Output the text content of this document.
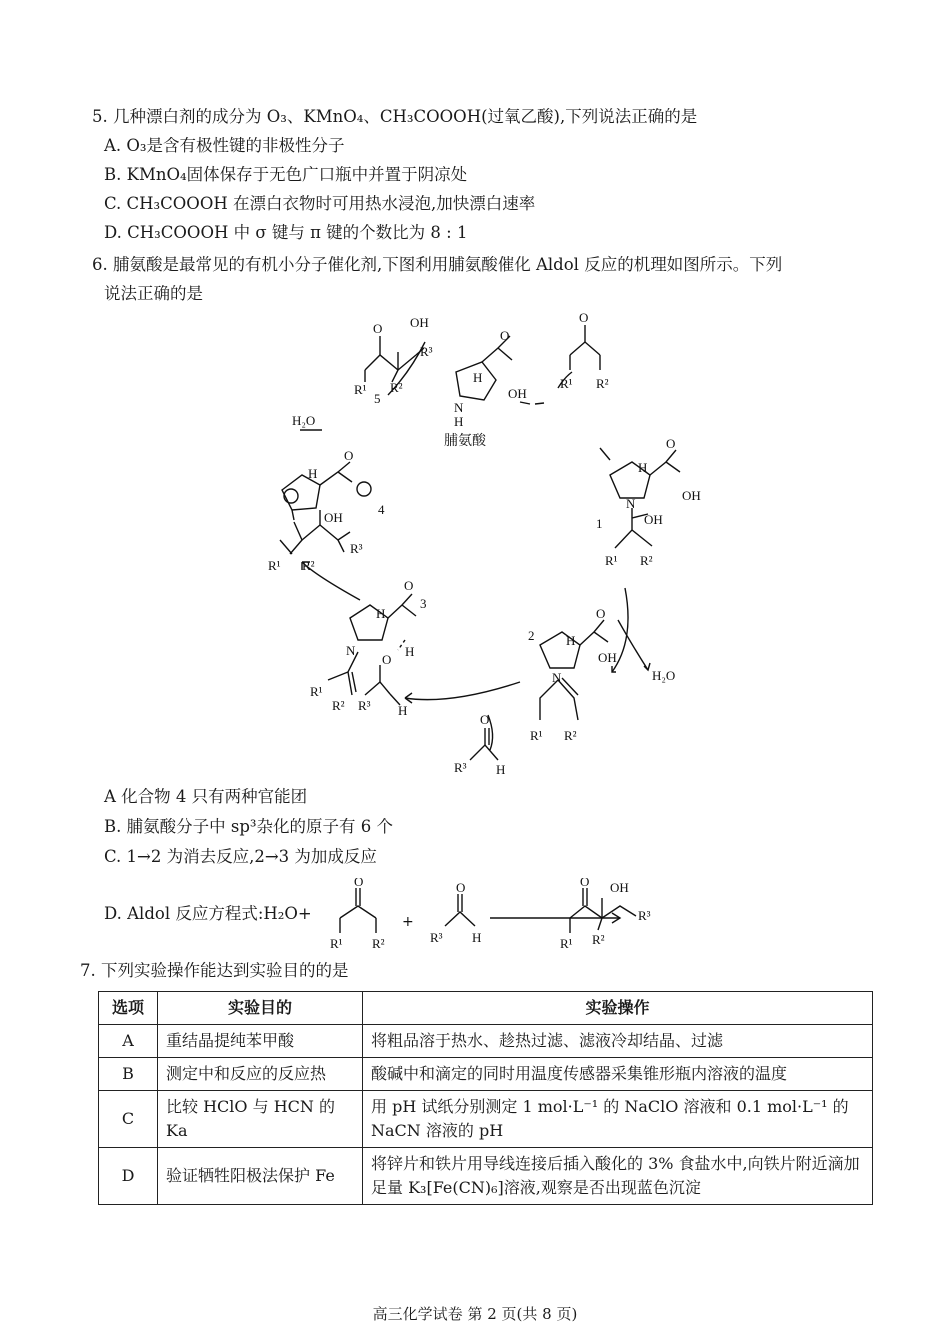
5. 几种漂白剂的成分为 O₃、KMnO₄、CH₃COOOH(过氧乙酸),下列说法正确的是
A. O₃是含有极性键的非极性分子
B. KMnO₄固体保存于无色广口瓶中并置于阴凉处
C. CH₃COOOH 在漂白衣物时可用热水浸泡,加快漂白速率
D. CH₃COOOH 中 σ 键与 π 键的个数比为 8 : 1
6. 脯氨酸是最常见的有机小分子催化剂,下图利用脯氨酸催化 Aldol 反应的机理如图所示。下列
说法正确的是
O OH
R³
R¹
5
R²
O
OH
N
H
H
脯氨酸
O
R¹ R²
H₂O
O
H
OH
4
R¹ R²
R³
H
O
OH
N
OH
1
R¹ R²
H₂O
2 H
O
OH
N
R¹ R²
O
3
H
N
O
H
R¹
R² R³ H
O
R³ H
A 化合物 4 只有两种官能团
B. 脯氨酸分子中 sp³杂化的原子有 6 个
C. 1→2 为消去反应,2→3 为加成反应
D. Aldol 反应方程式:H₂O+
O
R¹ R²
+
O
R³ H
O OH
R³
R¹ R²
7. 下列实验操作能达到实验目的的是
选项	实验目的	实验操作
A	重结晶提纯苯甲酸	将粗品溶于热水、趁热过滤、滤液冷却结晶、过滤
B	测定中和反应的反应热	酸碱中和滴定的同时用温度传感器采集锥形瓶内溶液的温度
C	比较 HClO 与 HCN 的 Ka	用 pH 试纸分别测定 1 mol·L⁻¹ 的 NaClO 溶液和 0.1 mol·L⁻¹ 的 NaCN 溶液的 pH
D	验证牺牲阳极法保护 Fe	将锌片和铁片用导线连接后插入酸化的 3% 食盐水中,向铁片附近滴加足量 K₃[Fe(CN)₆]溶液,观察是否出现蓝色沉淀
高三化学试卷 第 2 页(共 8 页)
